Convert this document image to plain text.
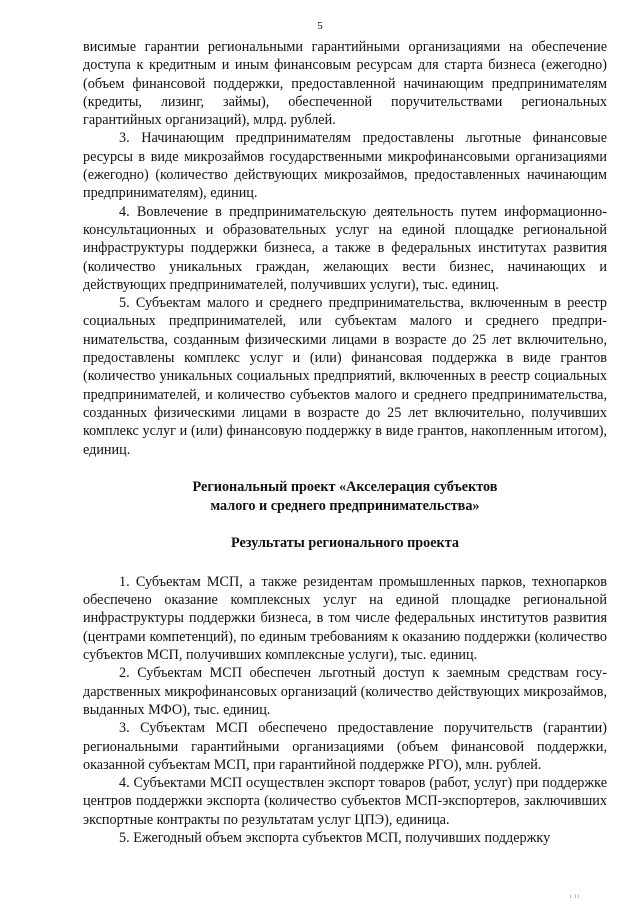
5

висимые гарантии региональными гарантийными организациями на обеспечение доступа к кредитным и иным финансовым ресурсам для старта бизнеса (ежегодно) (объем финансовой поддержки, предоставленной начинающим предпринимателям (кредиты, лизинг, займы), обеспеченной поручительствами региональных гарантийных организаций), млрд. рублей.

3. Начинающим предпринимателям предоставлены льготные финансовые ресурсы в виде микрозаймов государственными микрофинансовыми организациями (ежегодно) (количество действующих микрозаймов, предоставленных начинающим предпринимателям), единиц.

4. Вовлечение в предпринимательскую деятельность путем информационно-консультационных и образовательных услуг на единой площадке региональной инфраструктуры поддержки бизнеса, а также в федеральных институтах развития (количество уникальных граждан, желающих вести бизнес, начинающих и действующих предпринимателей, получивших услуги), тыс. единиц.

5. Субъектам малого и среднего предпринимательства, включенным в реестр социальных предпринимателей, или субъектам малого и среднего предпринимательства, созданным физическими лицами в возрасте до 25 лет включительно, предоставлены комплекс услуг и (или) финансовая поддержка в виде грантов (количество уникальных социальных предприятий, включенных в реестр социальных предпринимателей, и количество субъектов малого и среднего предпринимательства, созданных физическими лицами в возрасте до 25 лет включительно, получивших комплекс услуг и (или) финансовую поддержку в виде грантов, накопленным итогом), единиц.

Региональный проект «Акселерация субъектов
малого и среднего предпринимательства»
Результаты регионального проекта

1. Субъектам МСП, а также резидентам промышленных парков, технопарков обеспечено оказание комплексных услуг на единой площадке региональной инфраструктуры поддержки бизнеса, в том числе федеральных институтов развития (центрами компетенций), по единым требованиям к оказанию поддержки (количество субъектов МСП, получивших комплексные услуги), тыс. единиц.

2. Субъектам МСП обеспечен льготный доступ к заемным средствам государственных микрофинансовых организаций (количество действующих микрозаймов, выданных МФО), тыс. единиц.

3. Субъектам МСП обеспечено предоставление поручительств (гарантии) региональными гарантийными организациями (объем финансовой поддержки, оказанной субъектам МСП, при гарантийной поддержке РГО), млн. рублей.

4. Субъектами МСП осуществлен экспорт товаров (работ, услуг) при поддержке центров поддержки экспорта (количество субъектов МСП-экспортеров, заключивших экспортные контракты по результатам услуг ЦПЭ), единица.

5. Ежегодный объем экспорта субъектов МСП, получивших поддержку

i ii
